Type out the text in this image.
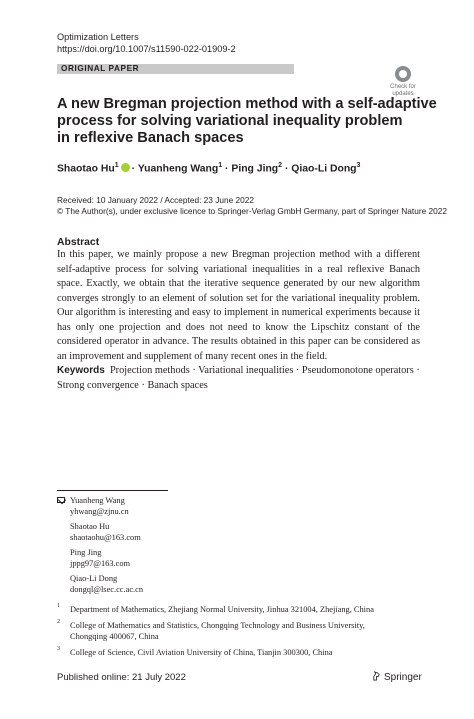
Optimization Letters
https://doi.org/10.1007/s11590-022-01909-2
ORIGINAL PAPER
Check for
updates
A new Bregman projection method with a self-adaptive
process for solving variational inequality problem
in reflexive Banach spaces
Shaotao $Hu^1$ · Yuanheng Wang$^1$ · Ping Jing$^2$ · Qiao-Li Dong$^3$
Received: 10 January 2022 / Accepted: 23 June 2022
© The Author(s), under exclusive licence to Springer-Verlag GmbH Germany, part of Springer Nature 2022
Abstract
In this paper, we mainly propose a new Bregman projection method with a different self-adaptive process for solving variational inequalities in a real reflexive Banach space. Exactly, we obtain that the iterative sequence generated by our new algorithm converges strongly to an element of solution set for the variational inequality problem. Our algorithm is interesting and easy to implement in numerical experiments because it has only one projection and does not need to know the Lipschitz constant of the considered operator in advance. The results obtained in this paper can be considered as an improvement and supplement of many recent ones in the field.
Keywords Projection methods · Variational inequalities · Pseudomonotone operators · Strong convergence · Banach spaces
Yuanheng Wang
yhwang@zjnu.cn
Shaotao Hu
shaotaohu@163.com
Ping Jing
jppg97@163.com
Qiao-Li Dong
dongql@lsec.cc.ac.cn
1 Department of Mathematics, Zhejiang Normal University, Jinhua 321004, Zhejiang, China
2 College of Mathematics and Statistics, Chongqing Technology and Business University,
Chongqing 400067, China
3 College of Science, Civil Aviation University of China, Tianjin 300300, China
Published online: 21 July 2022	Springer
